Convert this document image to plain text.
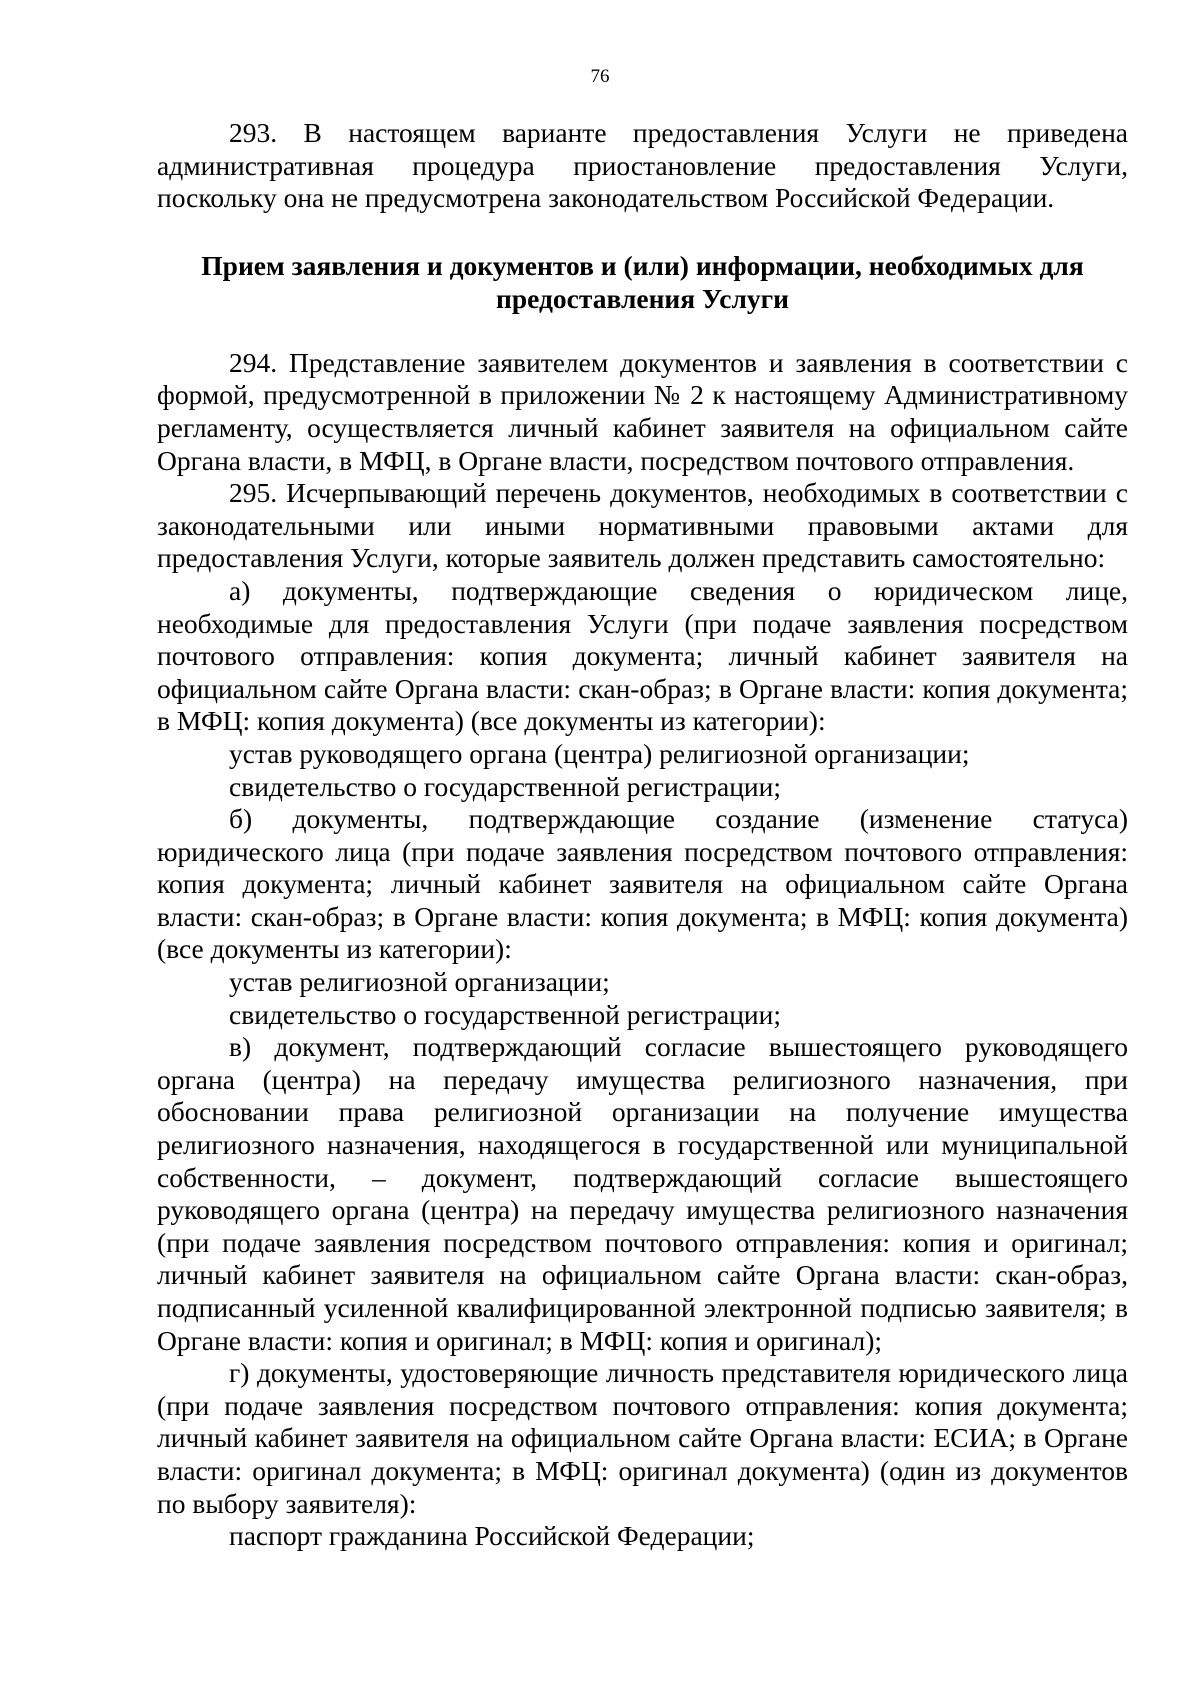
76

293. В настоящем варианте предоставления Услуги не приведена административная процедура приостановление предоставления Услуги, поскольку она не предусмотрена законодательством Российской Федерации.

Прием заявления и документов и (или) информации, необходимых для
предоставления Услуги

294. Представление заявителем документов и заявления в соответствии с формой, предусмотренной в приложении № 2 к настоящему Административному регламенту, осуществляется личный кабинет заявителя на официальном сайте Органа власти, в МФЦ, в Органе власти, посредством почтового отправления.

295. Исчерпывающий перечень документов, необходимых в соответствии с законодательными или иными нормативными правовыми актами для предоставления Услуги, которые заявитель должен представить самостоятельно:

а) документы, подтверждающие сведения о юридическом лице, необходимые для предоставления Услуги (при подаче заявления посредством почтового отправления: копия документа; личный кабинет заявителя на официальном сайте Органа власти: скан-образ; в Органе власти: копия документа; в МФЦ: копия документа) (все документы из категории):

устав руководящего органа (центра) религиозной организации;

свидетельство о государственной регистрации;

б) документы, подтверждающие создание (изменение статуса) юридического лица (при подаче заявления посредством почтового отправления: копия документа; личный кабинет заявителя на официальном сайте Органа власти: скан-образ; в Органе власти: копия документа; в МФЦ: копия документа) (все документы из категории):

устав религиозной организации;

свидетельство о государственной регистрации;

в) документ, подтверждающий согласие вышестоящего руководящего органа (центра) на передачу имущества религиозного назначения, при обосновании права религиозной организации на получение имущества религиозного назначения, находящегося в государственной или муниципальной собственности, – документ, подтверждающий согласие вышестоящего руководящего органа (центра) на передачу имущества религиозного назначения (при подаче заявления посредством почтового отправления: копия и оригинал; личный кабинет заявителя на официальном сайте Органа власти: скан-образ, подписанный усиленной квалифицированной электронной подписью заявителя; в Органе власти: копия и оригинал; в МФЦ: копия и оригинал);

г) документы, удостоверяющие личность представителя юридического лица (при подаче заявления посредством почтового отправления: копия документа; личный кабинет заявителя на официальном сайте Органа власти: ЕСИА; в Органе власти: оригинал документа; в МФЦ: оригинал документа) (один из документов по выбору заявителя):

паспорт гражданина Российской Федерации;
